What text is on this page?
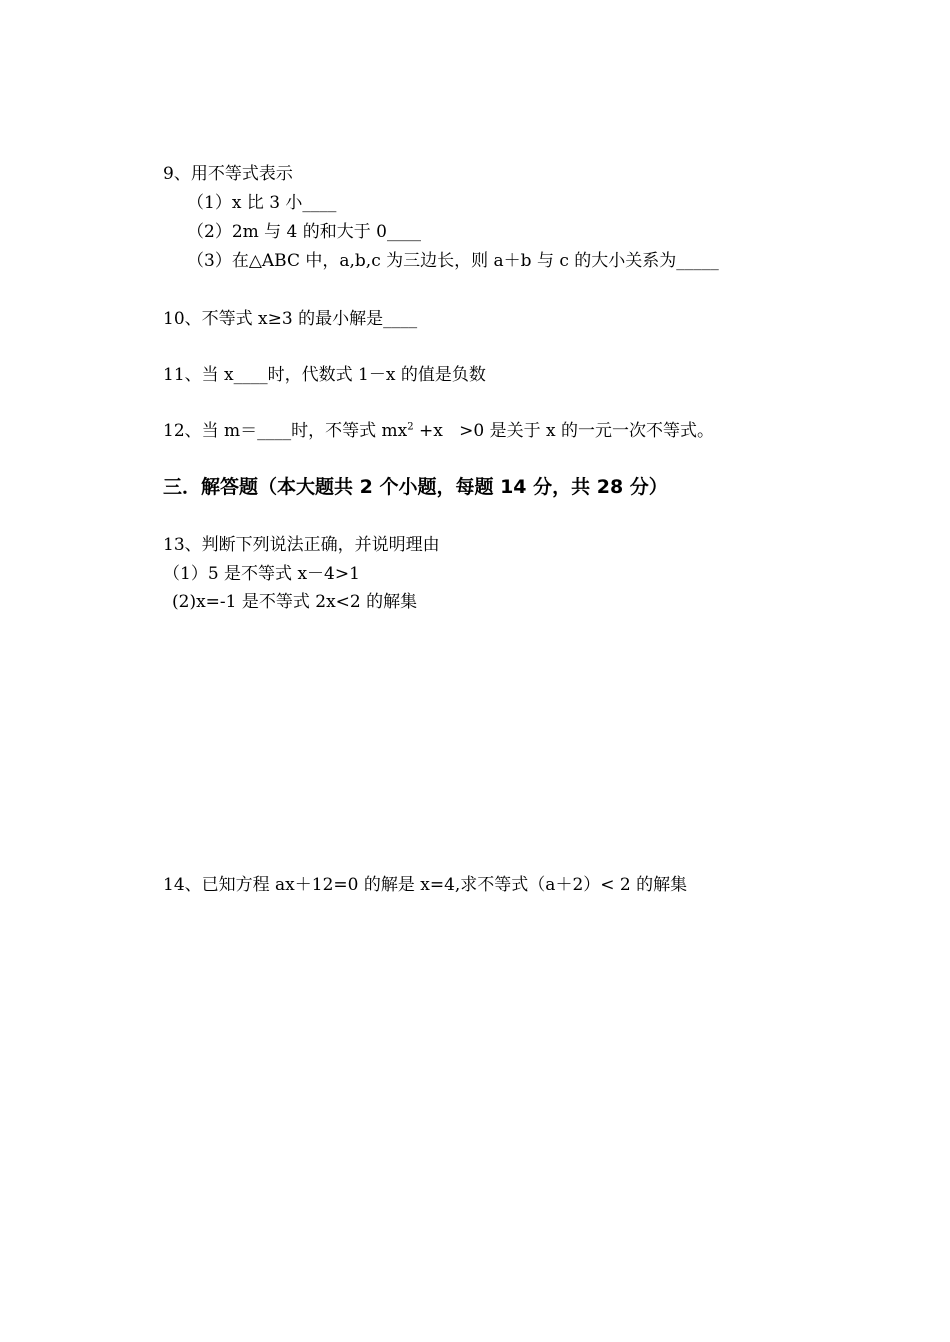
9、用不等式表示
（1）x 比 3 小____
（2）2m 与 4 的和大于 0____
（3）在△ABC 中，a,b,c 为三边长，则 a＋b 与 c 的大小关系为_____
10、不等式 x≥3 的最小解是____
11、当 x____时，代数式 1－x 的值是负数
12、当 m＝____时，不等式 $mx^2 +x >0$ 是关于 x 的一元一次不等式。
三．解答题（本大题共 2 个小题，每题 14 分，共 28 分）
13、判断下列说法正确，并说明理由
（1）5 是不等式 x－4>1
(2)x=-1 是不等式 2x<2 的解集
14、已知方程 ax＋12=0 的解是 x=4,求不等式（a＋2）< 2 的解集
